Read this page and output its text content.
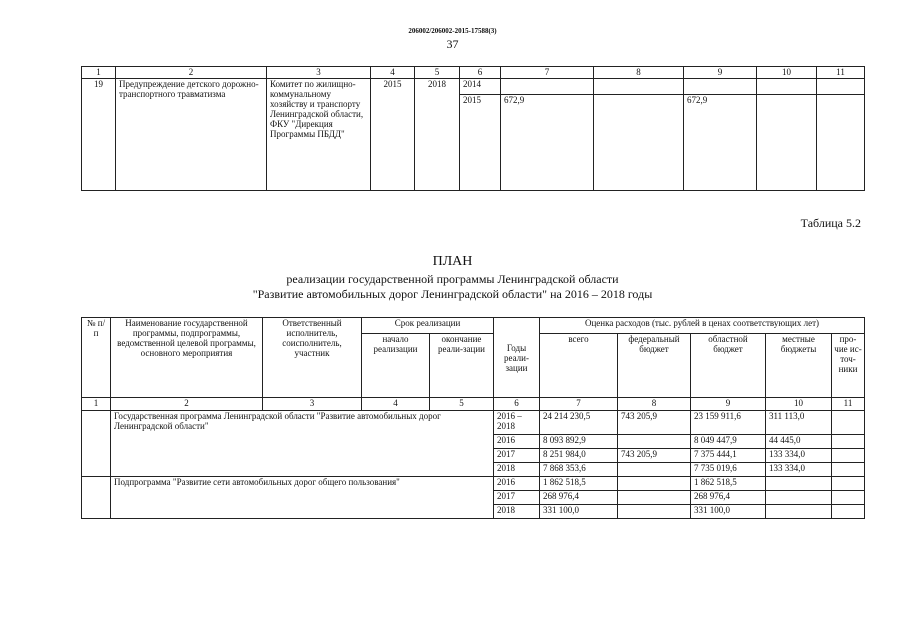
206002/206002-2015-17588(3)
37
1	2	3	4	5	6	7	8	9	10	11
19	Предупреждение детского дорожно-транспортного травматизма	Комитет по жилищно-коммунальному хозяйству и транспорту Ленинградской области, ФКУ "Дирекция Программы ПБДД"	2015	2018	2014					
					2015	672,9		672,9		
Таблица 5.2
ПЛАН
реализации государственной программы Ленинградской области
"Развитие автомобильных дорог Ленинградской области" на 2016 – 2018 годы
№ п/п	Наименование государственной программы, подпрограммы, ведомственной целевой программы, основного мероприятия	Ответственный исполнитель, соисполнитель, участник	Срок реализации		Годы реали-зации	Оценка расходов (тыс. рублей в ценах соответствующих лет)				
			начало реализации	окончание реали-зации		всего	федеральный бюджет	областной бюджет	местные бюджеты	про-чие ис-точ-ники
1	2	3	4	5	6	7	8	9	10	11
	Государственная программа Ленинградской области "Развитие автомобильных дорог Ленинградской области"				2016 – 2018	24 214 230,5	743 205,9	23 159 911,6	311 113,0	
					2016	8 093 892,9		8 049 447,9	44 445,0	
					2017	8 251 984,0	743 205,9	7 375 444,1	133 334,0	
					2018	7 868 353,6		7 735 019,6	133 334,0	
	Подпрограмма "Развитие сети автомобильных дорог общего пользования"				2016	1 862 518,5		1 862 518,5		
					2017	268 976,4		268 976,4		
					2018	331 100,0		331 100,0		
